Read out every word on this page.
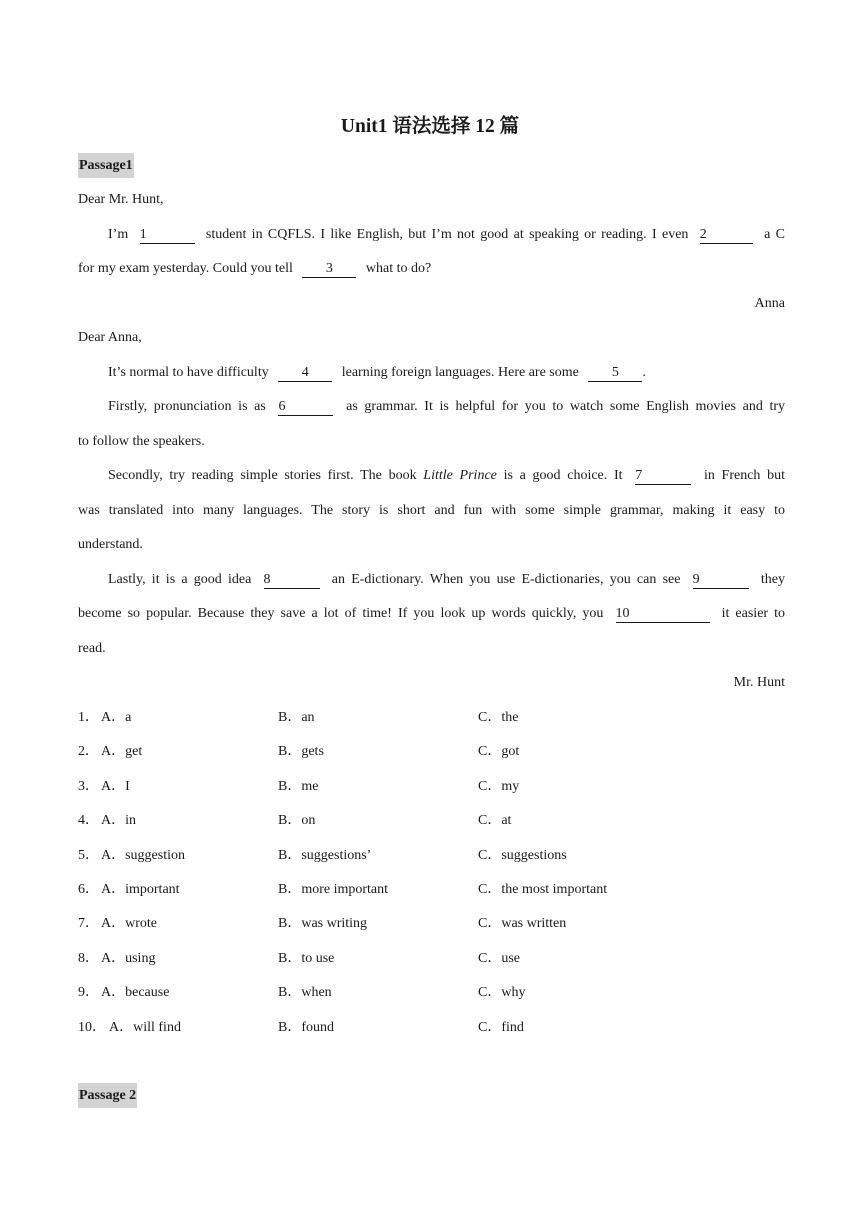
Unit1 语法选择 12 篇
Passage1
Dear Mr. Hunt,
I’m 1	student in CQFLS. I like English, but I’m not good at speaking or reading. I even 2	a C
for my exam yesterday. Could you tell 3 what to do?
Anna
Dear Anna,
It’s normal to have difficulty 4 learning foreign languages. Here are some 5 .
Firstly, pronunciation is as 6	as grammar. It is helpful for you to watch some English movies and try
to follow the speakers.
Secondly, try reading simple stories first. The book Little Prince is a good choice. It 7	in French but
was translated into many languages. The story is short and fun with some simple grammar, making it easy to
understand.
Lastly, it is a good idea 8	an E-dictionary. When you use E-dictionaries, you can see 9	they
become so popular. Because they save a lot of time! If you look up words quickly, you 10	it easier to
read.
Mr. Hunt
1． A．a	B．an	C．the
2． A．get	B．gets	C．got
3． A．I	B．me	C．my
4． A．in	B．on	C．at
5． A．suggestion	B．suggestions’	C．suggestions
6． A．important	B．more important	C．the most important
7． A．wrote	B．was writing	C．was written
8． A．using	B．to use	C．use
9． A．because	B．when	C．why
10． A．will find	B．found	C．find
Passage 2
